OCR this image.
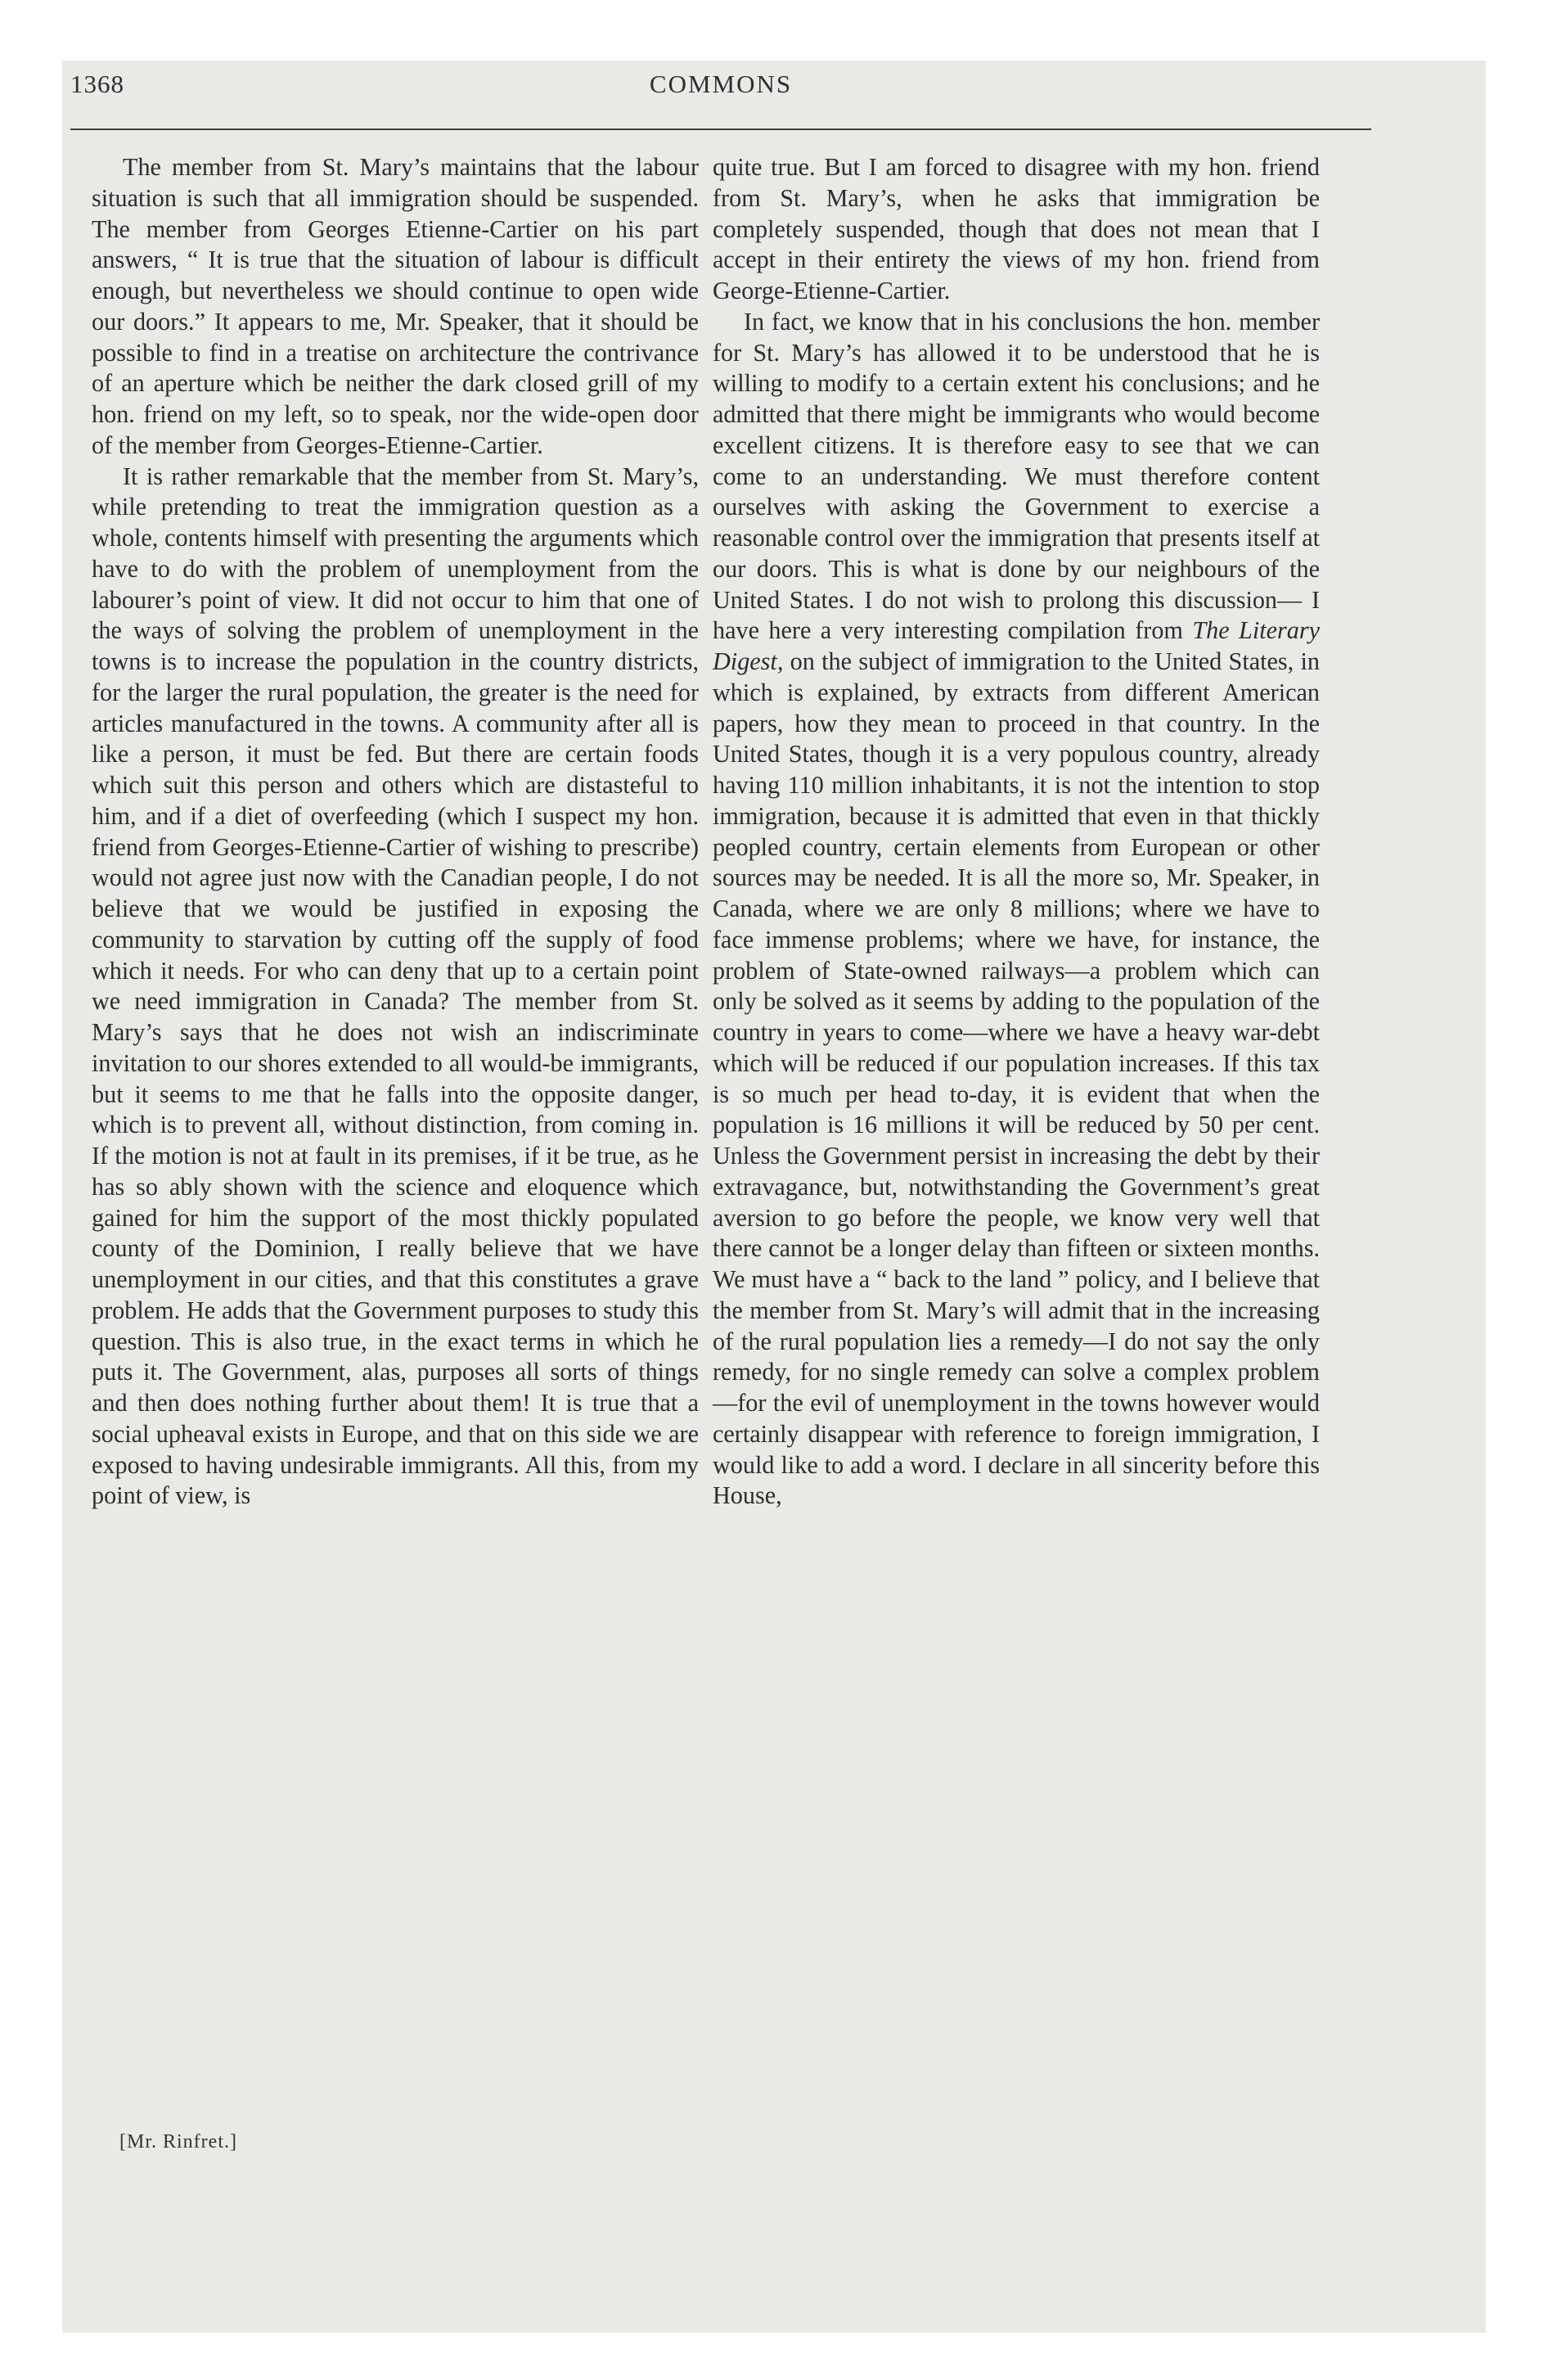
1368	COMMONS

The member from St. Mary’s maintains that the labour situation is such that all immigration should be suspended. The member from Georges Etienne-Cartier on his part answers, “ It is true that the situation of labour is difficult enough, but nevertheless we should continue to open wide our doors.” It appears to me, Mr. Speaker, that it should be possible to find in a treatise on architecture the contrivance of an aperture which be neither the dark closed grill of my hon. friend on my left, so to speak, nor the wide-open door of the member from Georges-Etienne-Cartier.

It is rather remarkable that the member from St. Mary’s, while pretending to treat the immigration question as a whole, contents himself with presenting the arguments which have to do with the problem of unemployment from the labourer’s point of view. It did not occur to him that one of the ways of solving the problem of unemployment in the towns is to increase the population in the country districts, for the larger the rural population, the greater is the need for articles manufactured in the towns. A community after all is like a person, it must be fed. But there are certain foods which suit this person and others which are distasteful to him, and if a diet of overfeeding (which I suspect my hon. friend from Georges-Etienne-Cartier of wishing to prescribe) would not agree just now with the Canadian people, I do not believe that we would be justified in exposing the community to starvation by cutting off the supply of food which it needs. For who can deny that up to a certain point we need immigration in Canada? The member from St. Mary’s says that he does not wish an indiscriminate invitation to our shores extended to all would-be immigrants, but it seems to me that he falls into the opposite danger, which is to prevent all, without distinction, from coming in. If the motion is not at fault in its premises, if it be true, as he has so ably shown with the science and eloquence which gained for him the support of the most thickly populated county of the Dominion, I really believe that we have unemployment in our cities, and that this constitutes a grave problem. He adds that the Government purposes to study this question. This is also true, in the exact terms in which he puts it. The Government, alas, purposes all sorts of things and then does nothing further about them! It is true that a social upheaval exists in Europe, and that on this side we are exposed to having undesirable immigrants. All this, from my point of view, is

quite true. But I am forced to disagree with my hon. friend from St. Mary’s, when he asks that immigration be completely suspended, though that does not mean that I accept in their entirety the views of my hon. friend from George-Etienne-Cartier.

In fact, we know that in his conclusions the hon. member for St. Mary’s has allowed it to be understood that he is willing to modify to a certain extent his conclusions; and he admitted that there might be immigrants who would become excellent citizens. It is therefore easy to see that we can come to an understanding. We must therefore content ourselves with asking the Government to exercise a reasonable control over the immigration that presents itself at our doors. This is what is done by our neighbours of the United States. I do not wish to prolong this discussion— I have here a very interesting compilation from The Literary Digest, on the subject of immigration to the United States, in which is explained, by extracts from different American papers, how they mean to proceed in that country. In the United States, though it is a very populous country, already having 110 million inhabitants, it is not the intention to stop immigration, because it is admitted that even in that thickly peopled country, certain elements from European or other sources may be needed. It is all the more so, Mr. Speaker, in Canada, where we are only 8 millions; where we have to face immense problems; where we have, for instance, the problem of State-owned railways—a problem which can only be solved as it seems by adding to the population of the country in years to come—where we have a heavy war-debt which will be reduced if our population increases. If this tax is so much per head to-day, it is evident that when the population is 16 millions it will be reduced by 50 per cent. Unless the Government persist in increasing the debt by their extravagance, but, notwithstanding the Government’s great aversion to go before the people, we know very well that there cannot be a longer delay than fifteen or sixteen months. We must have a “ back to the land ” policy, and I believe that the member from St. Mary’s will admit that in the increasing of the rural population lies a remedy—I do not say the only remedy, for no single remedy can solve a complex problem—for the evil of unemployment in the towns however would certainly disappear with reference to foreign immigration, I would like to add a word. I declare in all sincerity before this House,

[Mr. Rinfret.]
